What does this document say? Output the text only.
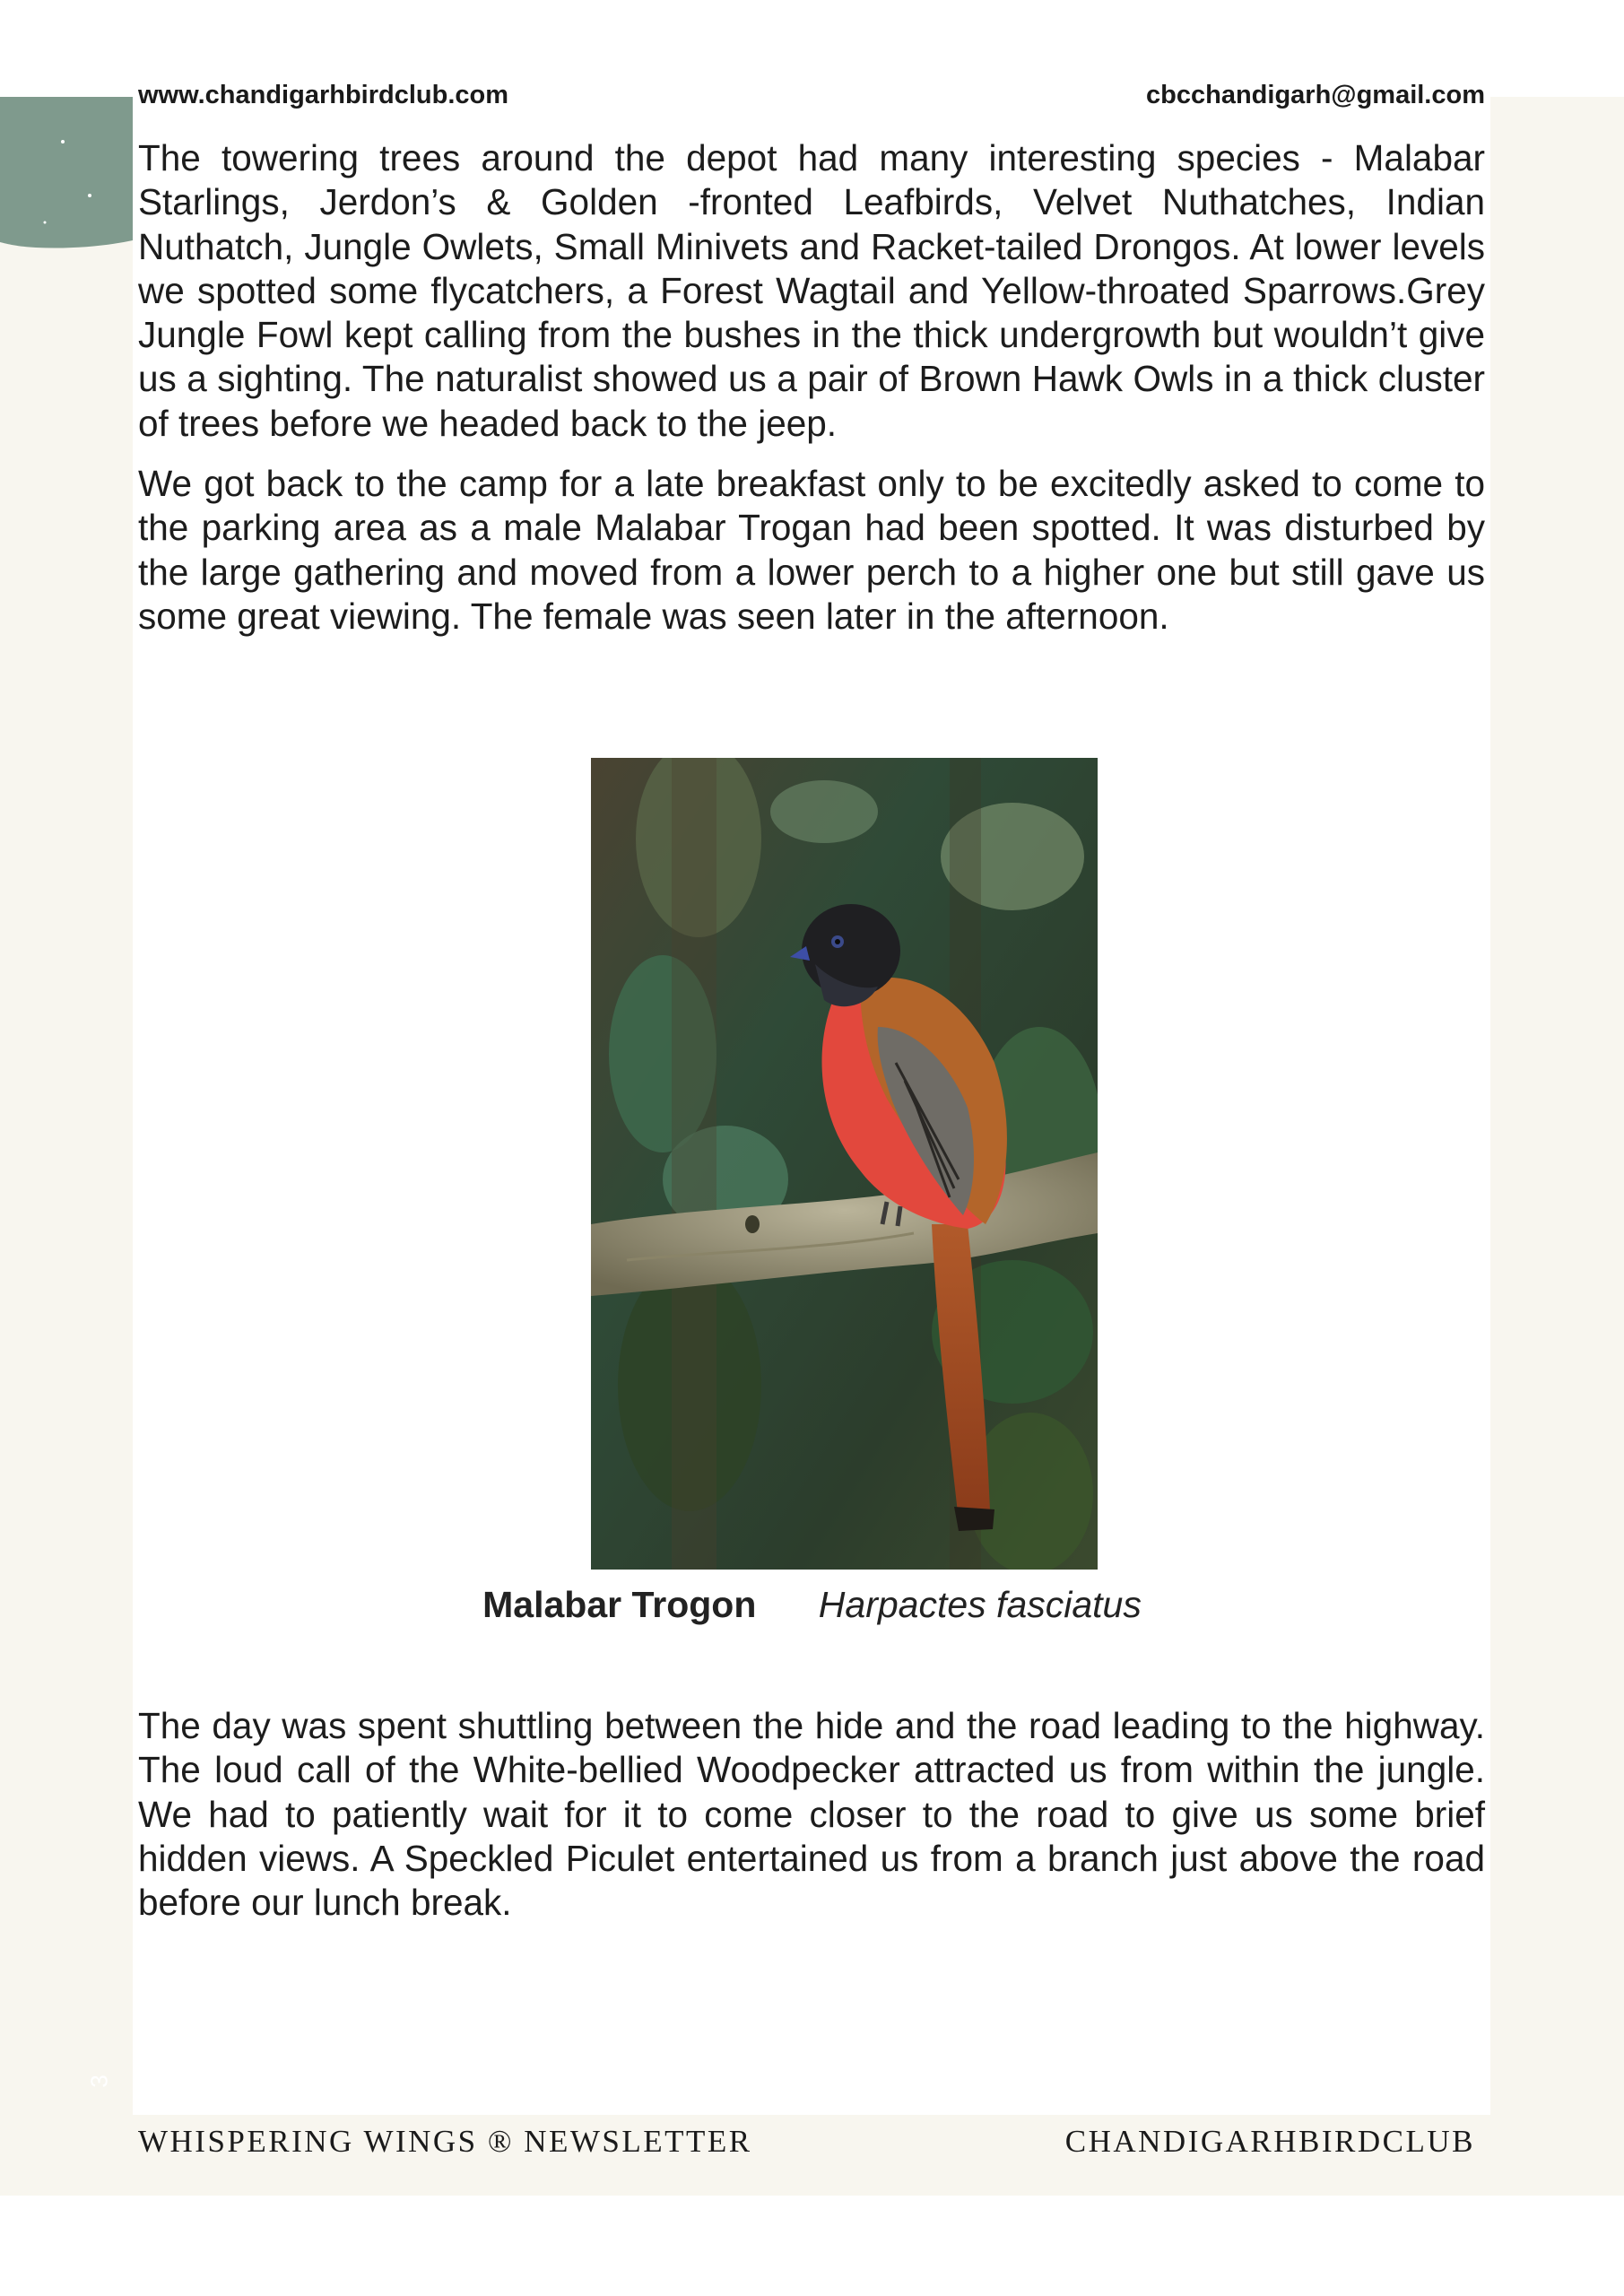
www.chandigarhbirdclub.com	cbcchandigarh@gmail.com

The towering trees around the depot had many interesting species - Malabar Starlings, Jerdon’s & Golden -fronted Leafbirds, Velvet Nuthatches, Indian Nuthatch, Jungle Owlets, Small Minivets and Racket-tailed Drongos. At lower levels we spotted some flycatchers, a Forest Wagtail and Yellow-throated Sparrows.Grey Jungle Fowl kept calling from the bushes in the thick undergrowth but wouldn’t give us a sighting. The naturalist showed us a pair of Brown Hawk Owls in a thick cluster of trees before we headed back to the jeep.

We got back to the camp for a late breakfast only to be excitedly asked to come to the parking area as a male Malabar Trogan had been spotted. It was disturbed by the large gathering and moved from a lower perch to a higher one but still gave us some great viewing. The female was seen later in the afternoon.

Malabar Trogon Harpactes fasciatus

The day was spent shuttling between the hide and the road leading to the highway. The loud call of the White-bellied Woodpecker attracted us from within the jungle. We had to patiently wait for it to come closer to the road to give us some brief hidden views. A Speckled Piculet entertained us from a branch just above the road before our lunch break.

3
WHISPERING WINGS ® NEWSLETTER	CHANDIGARHBIRDCLUB
